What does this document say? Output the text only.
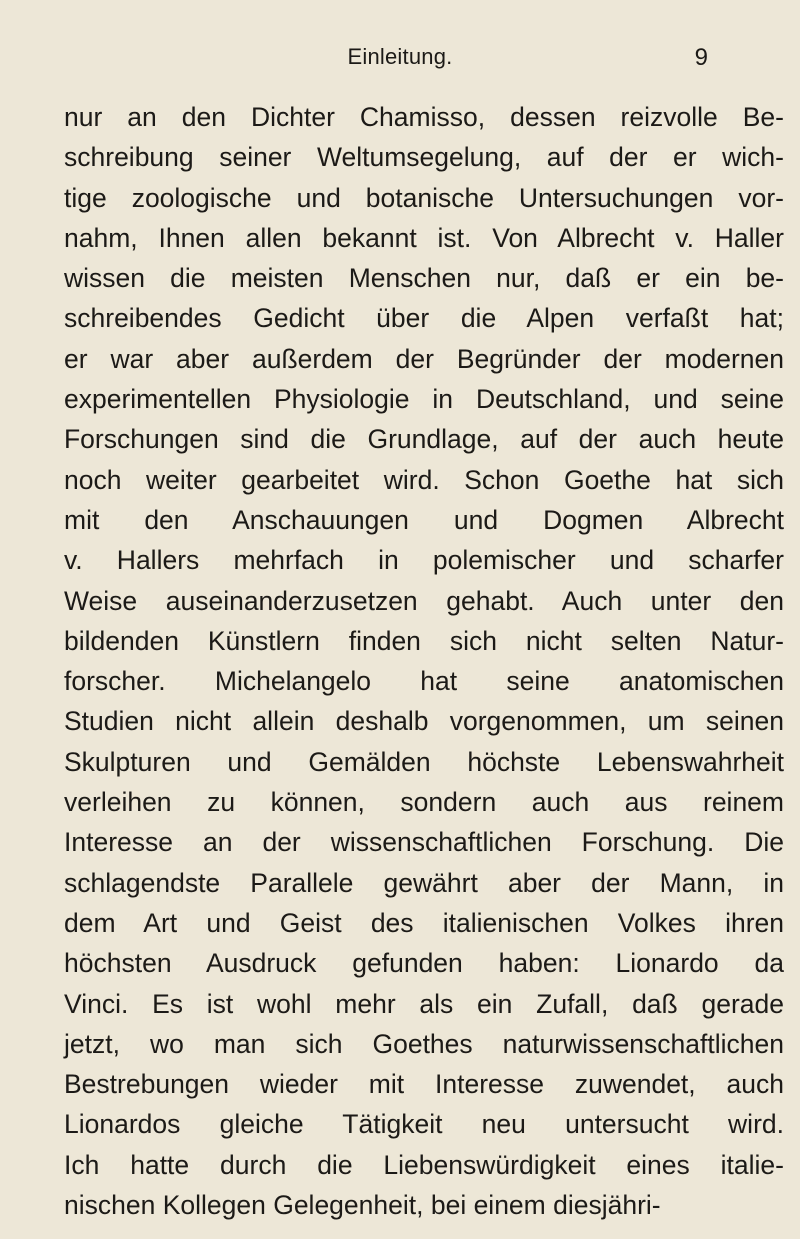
Einleitung.	9
nur an den Dichter Chamisso, dessen reizvolle Be-
schreibung seiner Weltumsegelung, auf der er wich-
tige zoologische und botanische Untersuchungen vor-
nahm, Ihnen allen bekannt ist. Von Albrecht v. Haller
wissen die meisten Menschen nur, daß er ein be-
schreibendes Gedicht über die Alpen verfaßt hat;
er war aber außerdem der Begründer der modernen
experimentellen Physiologie in Deutschland, und seine
Forschungen sind die Grundlage, auf der auch heute
noch weiter gearbeitet wird. Schon Goethe hat sich
mit den Anschauungen und Dogmen Albrecht
v. Hallers mehrfach in polemischer und scharfer
Weise auseinanderzusetzen gehabt. Auch unter den
bildenden Künstlern finden sich nicht selten Natur-
forscher. Michelangelo hat seine anatomischen
Studien nicht allein deshalb vorgenommen, um seinen
Skulpturen und Gemälden höchste Lebenswahrheit
verleihen zu können, sondern auch aus reinem
Interesse an der wissenschaftlichen Forschung. Die
schlagendste Parallele gewährt aber der Mann, in
dem Art und Geist des italienischen Volkes ihren
höchsten Ausdruck gefunden haben: Lionardo da
Vinci. Es ist wohl mehr als ein Zufall, daß gerade
jetzt, wo man sich Goethes naturwissenschaftlichen
Bestrebungen wieder mit Interesse zuwendet, auch
Lionardos gleiche Tätigkeit neu untersucht wird.
Ich hatte durch die Liebenswürdigkeit eines italie-
nischen Kollegen Gelegenheit, bei einem diesjähri-
